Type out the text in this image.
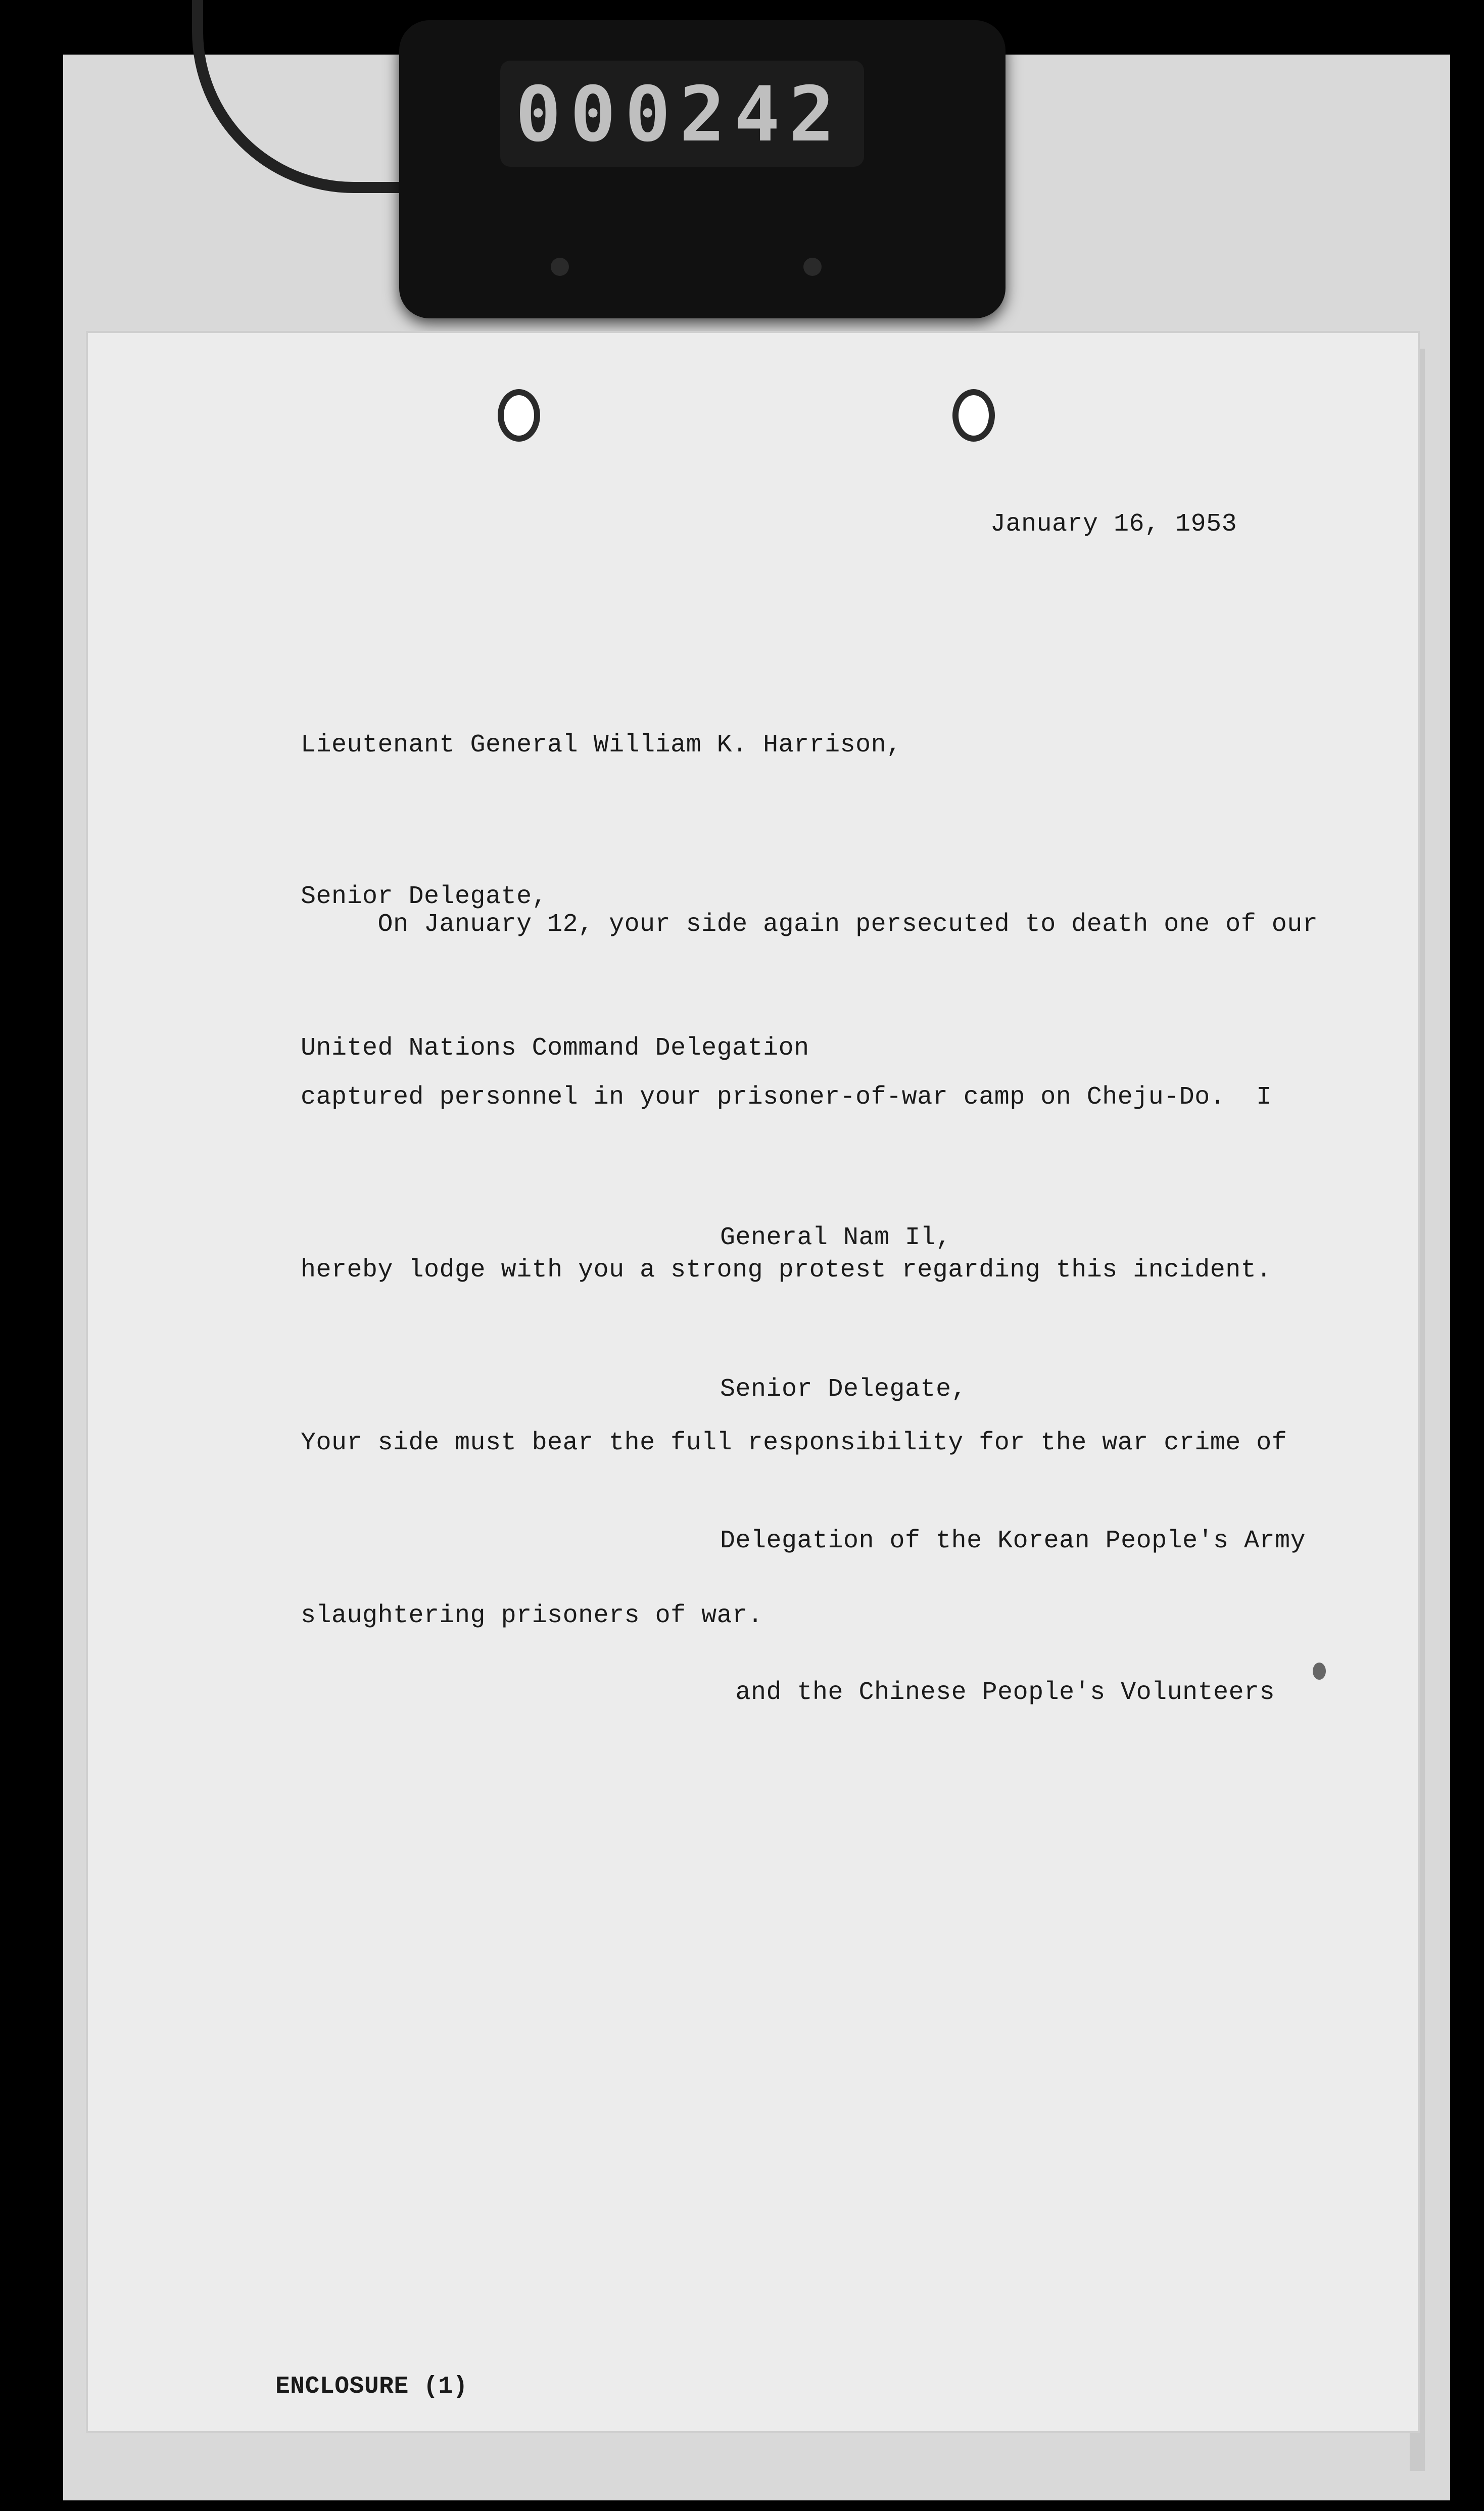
000242
January 16, 1953

Lieutenant General William K. Harrison,

Senior Delegate,

United Nations Command Delegation

On January 12, your side again persecuted to death one of our

captured personnel in your prisoner-of-war camp on Cheju-Do.  I

hereby lodge with you a strong protest regarding this incident.

Your side must bear the full responsibility for the war crime of

slaughtering prisoners of war.

General Nam Il,

Senior Delegate,

Delegation of the Korean People's Army

and the Chinese People's Volunteers

ENCLOSURE (1)
